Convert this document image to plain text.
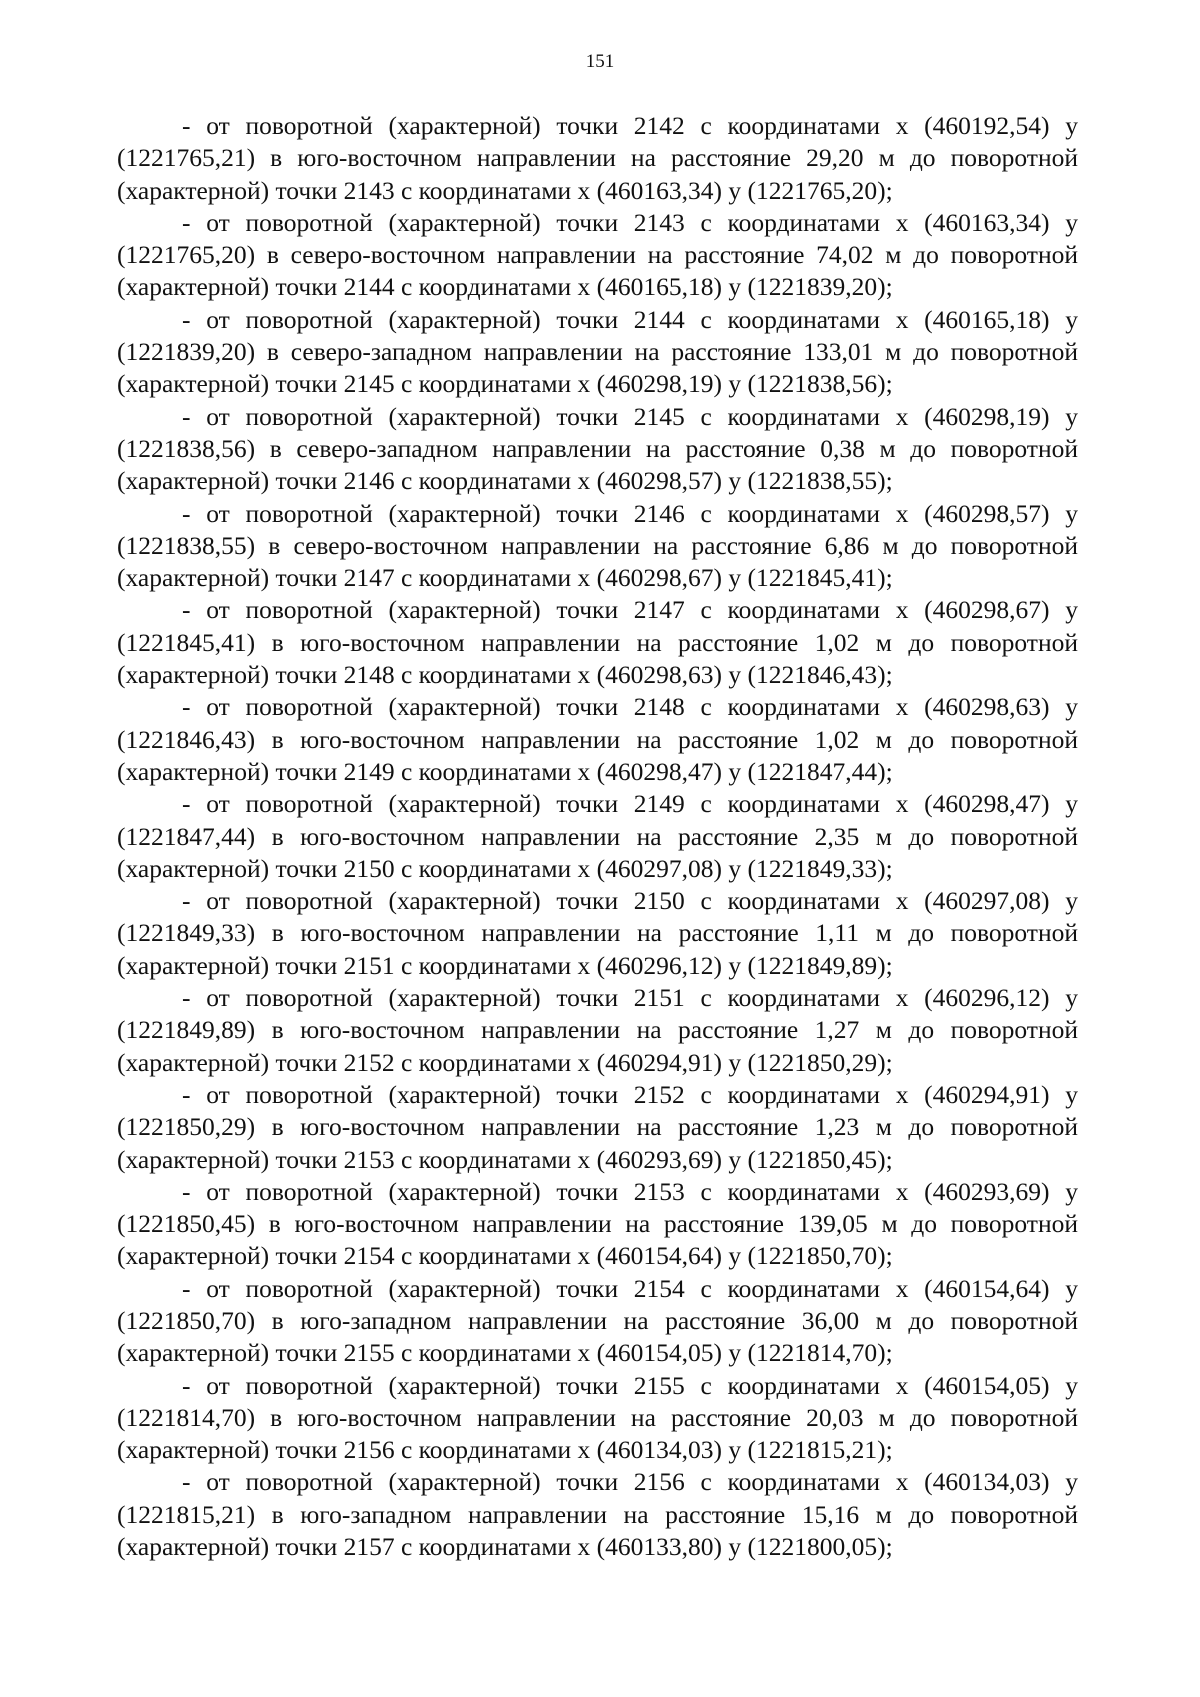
151

- от поворотной (характерной) точки 2142 с координатами x (460192,54) y (1221765,21) в юго-восточном направлении на расстояние 29,20 м до поворотной (характерной) точки 2143 с координатами x (460163,34) y (1221765,20);

- от поворотной (характерной) точки 2143 с координатами x (460163,34) y (1221765,20) в северо-восточном направлении на расстояние 74,02 м до поворотной (характерной) точки 2144 с координатами x (460165,18) y (1221839,20);

- от поворотной (характерной) точки 2144 с координатами x (460165,18) y (1221839,20) в северо-западном направлении на расстояние 133,01 м до поворотной (характерной) точки 2145 с координатами x (460298,19) y (1221838,56);

- от поворотной (характерной) точки 2145 с координатами x (460298,19) y (1221838,56) в северо-западном направлении на расстояние 0,38 м до поворотной (характерной) точки 2146 с координатами x (460298,57) y (1221838,55);

- от поворотной (характерной) точки 2146 с координатами x (460298,57) y (1221838,55) в северо-восточном направлении на расстояние 6,86 м до поворотной (характерной) точки 2147 с координатами x (460298,67) y (1221845,41);

- от поворотной (характерной) точки 2147 с координатами x (460298,67) y (1221845,41) в юго-восточном направлении на расстояние 1,02 м до поворотной (характерной) точки 2148 с координатами x (460298,63) y (1221846,43);

- от поворотной (характерной) точки 2148 с координатами x (460298,63) y (1221846,43) в юго-восточном направлении на расстояние 1,02 м до поворотной (характерной) точки 2149 с координатами x (460298,47) y (1221847,44);

- от поворотной (характерной) точки 2149 с координатами x (460298,47) y (1221847,44) в юго-восточном направлении на расстояние 2,35 м до поворотной (характерной) точки 2150 с координатами x (460297,08) y (1221849,33);

- от поворотной (характерной) точки 2150 с координатами x (460297,08) y (1221849,33) в юго-восточном направлении на расстояние 1,11 м до поворотной (характерной) точки 2151 с координатами x (460296,12) y (1221849,89);

- от поворотной (характерной) точки 2151 с координатами x (460296,12) y (1221849,89) в юго-восточном направлении на расстояние 1,27 м до поворотной (характерной) точки 2152 с координатами x (460294,91) y (1221850,29);

- от поворотной (характерной) точки 2152 с координатами x (460294,91) y (1221850,29) в юго-восточном направлении на расстояние 1,23 м до поворотной (характерной) точки 2153 с координатами x (460293,69) y (1221850,45);

- от поворотной (характерной) точки 2153 с координатами x (460293,69) y (1221850,45) в юго-восточном направлении на расстояние 139,05 м до поворотной (характерной) точки 2154 с координатами x (460154,64) y (1221850,70);

- от поворотной (характерной) точки 2154 с координатами x (460154,64) y (1221850,70) в юго-западном направлении на расстояние 36,00 м до поворотной (характерной) точки 2155 с координатами x (460154,05) y (1221814,70);

- от поворотной (характерной) точки 2155 с координатами x (460154,05) y (1221814,70) в юго-восточном направлении на расстояние 20,03 м до поворотной (характерной) точки 2156 с координатами x (460134,03) y (1221815,21);

- от поворотной (характерной) точки 2156 с координатами x (460134,03) y (1221815,21) в юго-западном направлении на расстояние 15,16 м до поворотной (характерной) точки 2157 с координатами x (460133,80) y (1221800,05);
